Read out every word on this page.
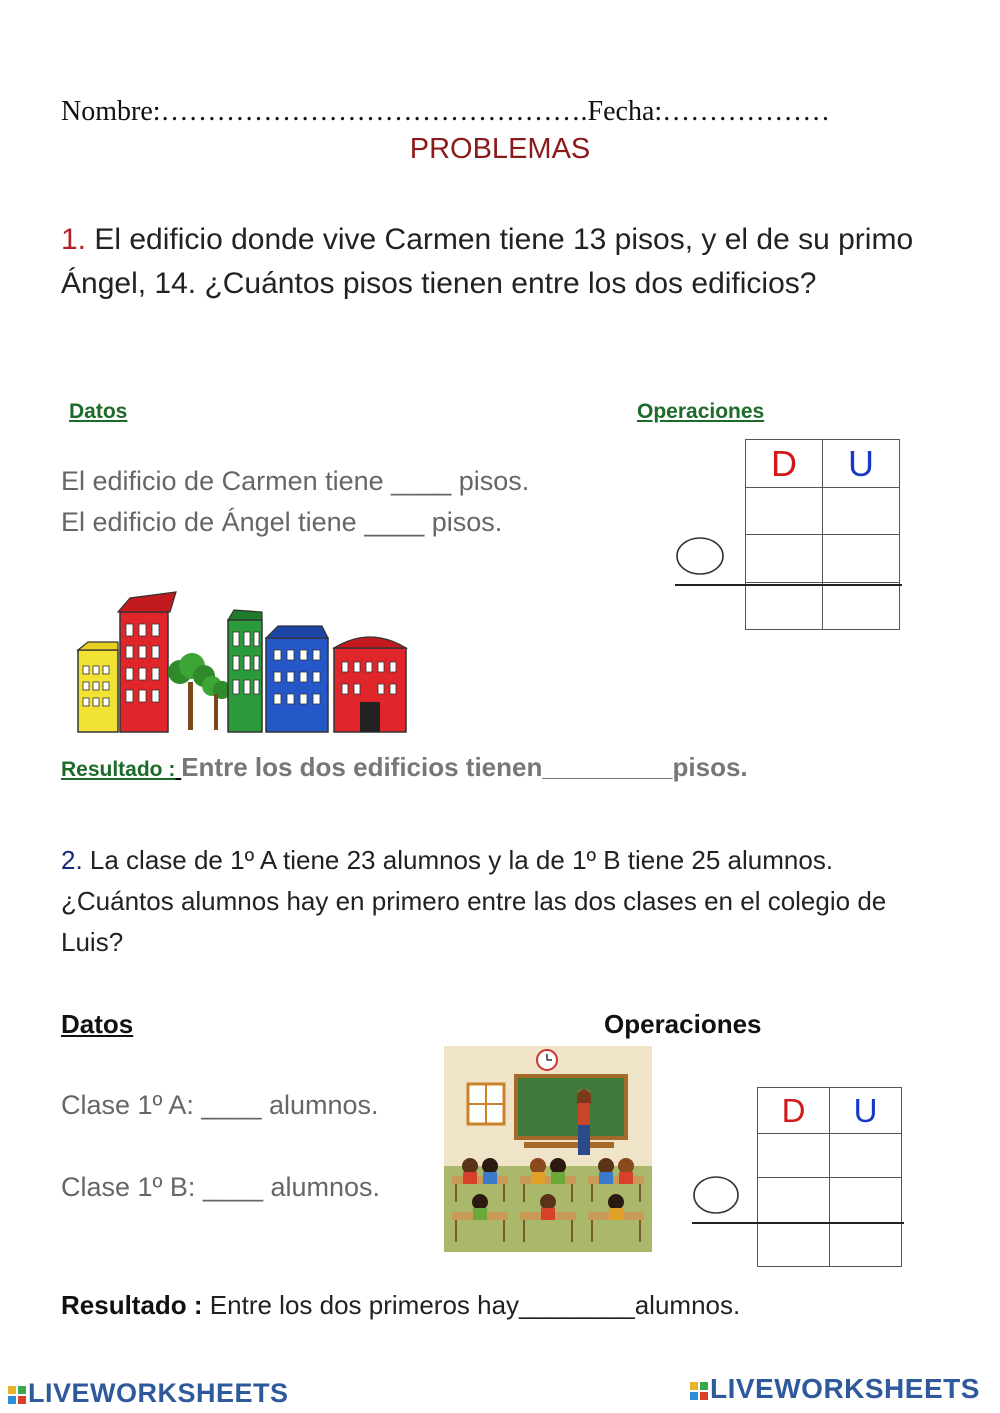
Nombre:……………………………………….Fecha:………………
PROBLEMAS
1. El edificio donde vive Carmen tiene 13 pisos, y el de su primo Ángel, 14. ¿Cuántos pisos tienen entre los dos edificios?
Datos	Operaciones
El edificio de Carmen tiene ____ pisos.
El edificio de Ángel tiene ____ pisos.
D	U

Resultado : Entre los dos edificios tienen_________pisos.
2. La clase de 1º A tiene 23 alumnos y la de 1º B tiene 25 alumnos. ¿Cuántos alumnos hay en primero entre las dos clases en el colegio de Luis?
Datos	Operaciones
Clase 1º A: ____ alumnos.
Clase 1º B: ____ alumnos.
D	U

Resultado : Entre los dos primeros hay________alumnos.
LIVEWORKSHEETS	LIVEWORKSHEETS
